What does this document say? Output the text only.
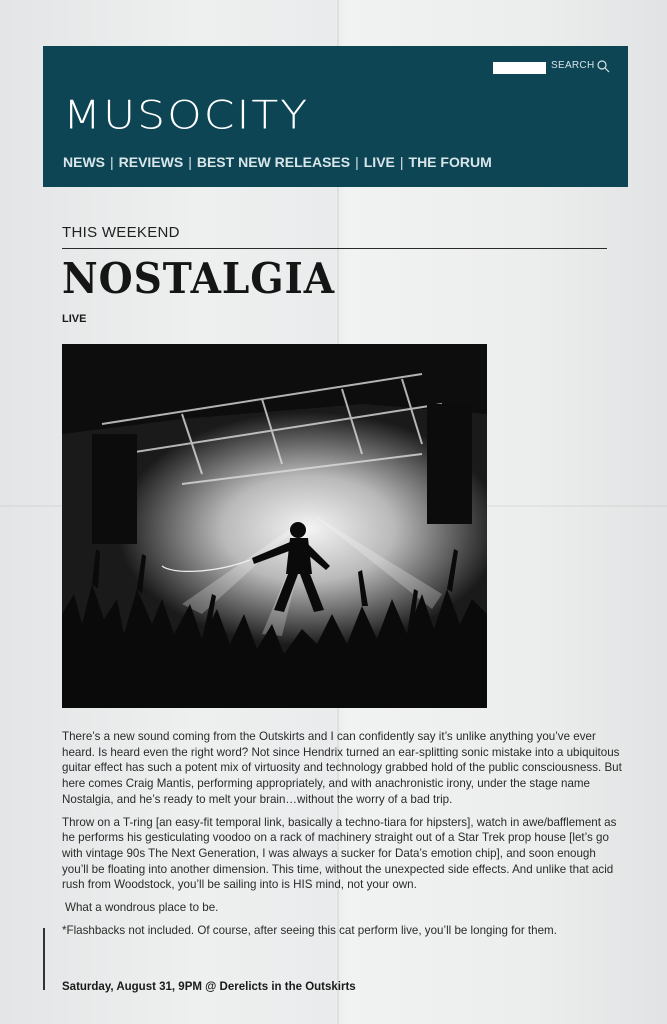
SEARCH
MUSOCITY
NEWS | REVIEWS | BEST NEW RELEASES | LIVE | THE FORUM
THIS WEEKEND
NOSTALGIA
LIVE

There’s a new sound coming from the Outskirts and I can confidently say it’s unlike anything you’ve ever heard. Is heard even the right word? Not since Hendrix turned an ear-splitting sonic mistake into a ubiquitous guitar effect has such a potent mix of virtuosity and technology grabbed hold of the public consciousness. But here comes Craig Mantis, performing appropriately, and with anachronistic irony, under the stage name Nostalgia, and he’s ready to melt your brain…without the worry of a bad trip.

Throw on a T-ring [an easy-fit temporal link, basically a techno-tiara for hipsters], watch in awe/bafflement as he performs his gesticulating voodoo on a rack of machinery straight out of a Star Trek prop house [let’s go with vintage 90s The Next Generation, I was always a sucker for Data’s emotion chip], and soon enough you’ll be floating into another dimension. This time, without the unexpected side effects. And unlike that acid rush from Woodstock, you’ll be sailing into is HIS mind, not your own.

What a wondrous place to be.

*Flashbacks not included. Of course, after seeing this cat perform live, you’ll be longing for them.

Saturday, August 31, 9PM @ Derelicts in the Outskirts
